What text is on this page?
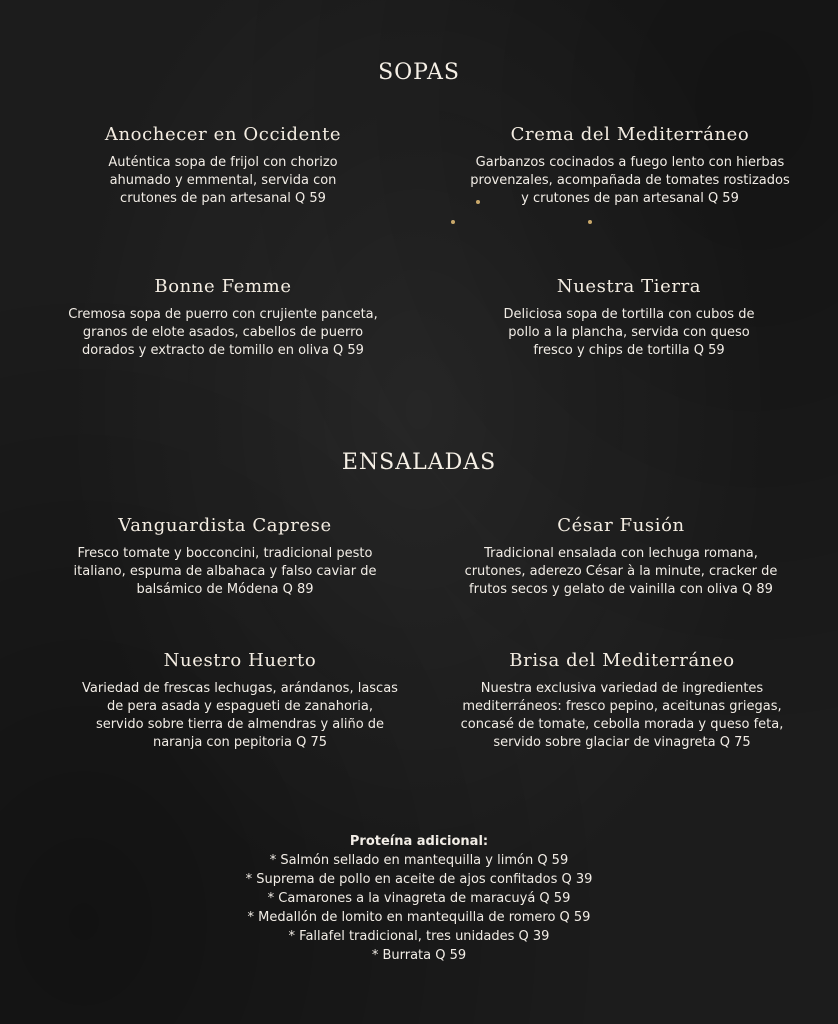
SOPAS
Anochecer en Occidente

Auténtica sopa de frijol con chorizo
ahumado y emmental, servida con
crutones de pan artesanal Q 59

Crema del Mediterráneo

Garbanzos cocinados a fuego lento con hierbas
provenzales, acompañada de tomates rostizados
y crutones de pan artesanal Q 59

Bonne Femme

Cremosa sopa de puerro con crujiente panceta,
granos de elote asados, cabellos de puerro
dorados y extracto de tomillo en oliva Q 59

Nuestra Tierra

Deliciosa sopa de tortilla con cubos de
pollo a la plancha, servida con queso
fresco y chips de tortilla Q 59

ENSALADAS
Vanguardista Caprese

Fresco tomate y bocconcini, tradicional pesto
italiano, espuma de albahaca y falso caviar de
balsámico de Módena Q 89

César Fusión

Tradicional ensalada con lechuga romana,
crutones, aderezo César à la minute, cracker de
frutos secos y gelato de vainilla con oliva Q 89

Nuestro Huerto

Variedad de frescas lechugas, arándanos, lascas
de pera asada y espagueti de zanahoria,
servido sobre tierra de almendras y aliño de
naranja con pepitoria Q 75

Brisa del Mediterráneo

Nuestra exclusiva variedad de ingredientes
mediterráneos: fresco pepino, aceitunas griegas,
concasé de tomate, cebolla morada y queso feta,
servido sobre glaciar de vinagreta Q 75

Proteína adicional:

* Salmón sellado en mantequilla y limón Q 59
* Suprema de pollo en aceite de ajos confitados Q 39
* Camarones a la vinagreta de maracuyá Q 59
* Medallón de lomito en mantequilla de romero Q 59
* Fallafel tradicional, tres unidades Q 39
* Burrata Q 59
